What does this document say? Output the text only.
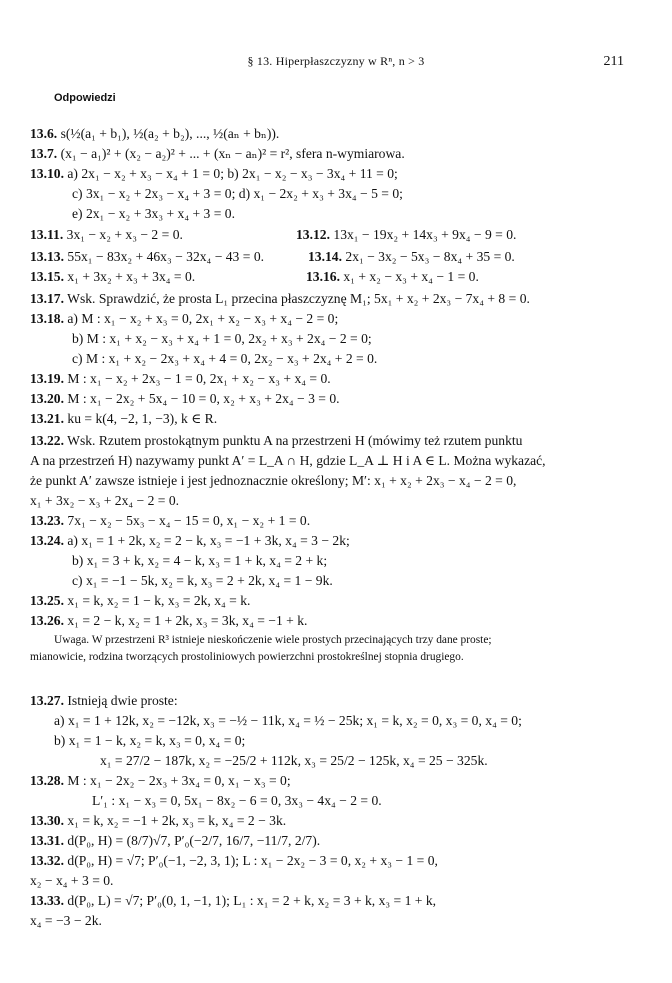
§ 13. Hiperpłaszczyzny w Rⁿ, n > 3	211
Odpowiedzi
13.6. s(½(a₁ + b₁), ½(a₂ + b₂), ..., ½(aₙ + bₙ)).
13.7. (x₁ − a₁)² + (x₂ − a₂)² + ... + (xₙ − aₙ)² = r², sfera n-wymiarowa.
13.10. a) 2x₁ − x₂ + x₃ − x₄ + 1 = 0; b) 2x₁ − x₂ − x₃ − 3x₄ + 11 = 0;
c) 3x₁ − x₂ + 2x₃ − x₄ + 3 = 0; d) x₁ − 2x₂ + x₃ + 3x₄ − 5 = 0;
e) 2x₁ − x₂ + 3x₃ + x₄ + 3 = 0.
13.11. 3x₁ − x₂ + x₃ − 2 = 0.	13.12. 13x₁ − 19x₂ + 14x₃ + 9x₄ − 9 = 0.
13.13. 55x₁ − 83x₂ + 46x₃ − 32x₄ − 43 = 0.	13.14. 2x₁ − 3x₂ − 5x₃ − 8x₄ + 35 = 0.
13.15. x₁ + 3x₂ + x₃ + 3x₄ = 0.	13.16. x₁ + x₂ − x₃ + x₄ − 1 = 0.
13.17. Wsk. Sprawdzić, że prosta L₁ przecina płaszczyznę M₁; 5x₁ + x₂ + 2x₃ − 7x₄ + 8 = 0.
13.18. a) M : x₁ − x₂ + x₃ = 0, 2x₁ + x₂ − x₃ + x₄ − 2 = 0;
b) M : x₁ + x₂ − x₃ + x₄ + 1 = 0, 2x₂ + x₃ + 2x₄ − 2 = 0;
c) M : x₁ + x₂ − 2x₃ + x₄ + 4 = 0, 2x₂ − x₃ + 2x₄ + 2 = 0.
13.19. M : x₁ − x₂ + 2x₃ − 1 = 0, 2x₁ + x₂ − x₃ + x₄ = 0.
13.20. M : x₁ − 2x₂ + 5x₄ − 10 = 0, x₂ + x₃ + 2x₄ − 3 = 0.
13.21. ku = k(4, −2, 1, −3), k ∈ R.
13.22. Wsk. Rzutem prostokątnym punktu A na przestrzeni H (mówimy też rzutem punktu
A na przestrzeń H) nazywamy punkt A′ = L_A ∩ H, gdzie L_A ⊥ H i A ∈ L. Można wykazać,
że punkt A′ zawsze istnieje i jest jednoznacznie określony; M′: x₁ + x₂ + 2x₃ − x₄ − 2 = 0,
x₁ + 3x₂ − x₃ + 2x₄ − 2 = 0.
13.23. 7x₁ − x₂ − 5x₃ − x₄ − 15 = 0, x₁ − x₂ + 1 = 0.
13.24. a) x₁ = 1 + 2k, x₂ = 2 − k, x₃ = −1 + 3k, x₄ = 3 − 2k;
b) x₁ = 3 + k, x₂ = 4 − k, x₃ = 1 + k, x₄ = 2 + k;
c) x₁ = −1 − 5k, x₂ = k, x₃ = 2 + 2k, x₄ = 1 − 9k.
13.25. x₁ = k, x₂ = 1 − k, x₃ = 2k, x₄ = k.
13.26. x₁ = 2 − k, x₂ = 1 + 2k, x₃ = 3k, x₄ = −1 + k.
13.27. Istnieją dwie proste:
a) x₁ = 1 + 12k, x₂ = −12k, x₃ = −½ − 11k, x₄ = ½ − 25k; x₁ = k, x₂ = 0, x₃ = 0, x₄ = 0;
b) x₁ = 1 − k, x₂ = k, x₃ = 0, x₄ = 0;
x₁ = 27/2 − 187k, x₂ = −25/2 + 112k, x₃ = 25/2 − 125k, x₄ = 25 − 325k.
13.28. M : x₁ − 2x₂ − 2x₃ + 3x₄ = 0, x₁ − x₃ = 0;
L′₁ : x₁ − x₃ = 0, 5x₁ − 8x₂ − 6 = 0, 3x₃ − 4x₄ − 2 = 0.
13.30. x₁ = k, x₂ = −1 + 2k, x₃ = k, x₄ = 2 − 3k.
13.31. d(P₀, H) = (8/7)√7, P′₀(−2/7, 16/7, −11/7, 2/7).
13.32. d(P₀, H) = √7; P′₀(−1, −2, 3, 1); L : x₁ − 2x₂ − 3 = 0, x₂ + x₃ − 1 = 0,
x₂ − x₄ + 3 = 0.
13.33. d(P₀, L) = √7; P′₀(0, 1, −1, 1); L₁ : x₁ = 2 + k, x₂ = 3 + k, x₃ = 1 + k,
x₄ = −3 − 2k.
Uwaga. W przestrzeni R³ istnieje nieskończenie wiele prostych przecinających trzy dane proste;
mianowicie, rodzina tworzących prostoliniowych powierzchni prostokreślnej stopnia drugiego.
